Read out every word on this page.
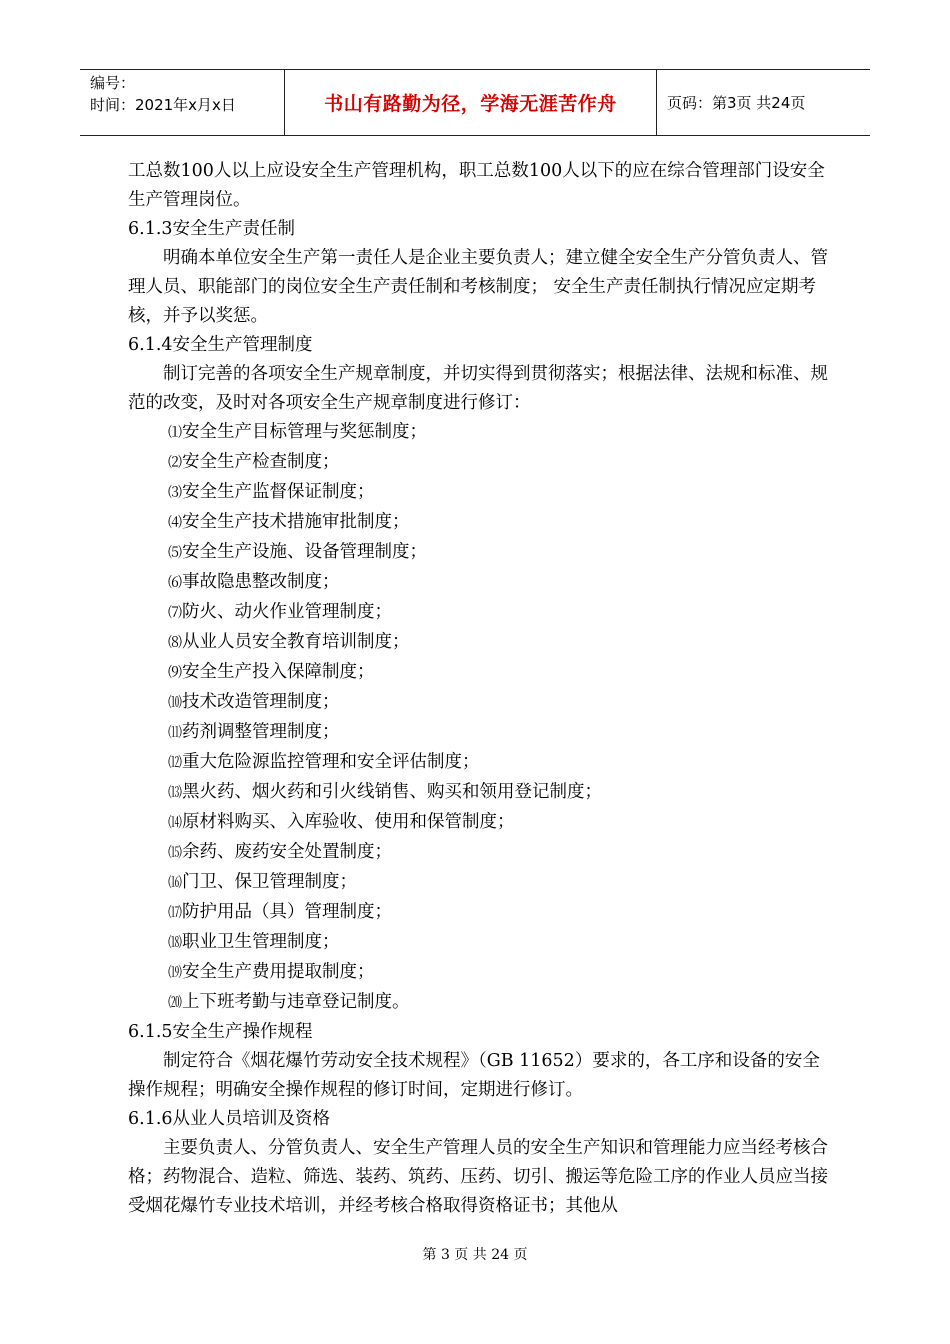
编号：
时间：2021年x月x日	书山有路勤为径，学海无涯苦作舟	页码：第3页 共24页

工总数100人以上应设安全生产管理机构，职工总数100人以下的应在综合管理部门设安全生产管理岗位。

6.1.3安全生产责任制

明确本单位安全生产第一责任人是企业主要负责人；建立健全安全生产分管负责人、管理人员、职能部门的岗位安全生产责任制和考核制度； 安全生产责任制执行情况应定期考核，并予以奖惩。

6.1.4安全生产管理制度

制订完善的各项安全生产规章制度，并切实得到贯彻落实；根据法律、法规和标准、规范的改变，及时对各项安全生产规章制度进行修订：

⑴安全生产目标管理与奖惩制度；

⑵安全生产检查制度；

⑶安全生产监督保证制度；

⑷安全生产技术措施审批制度；

⑸安全生产设施、设备管理制度；

⑹事故隐患整改制度；

⑺防火、动火作业管理制度；

⑻从业人员安全教育培训制度；

⑼安全生产投入保障制度；

⑽技术改造管理制度；

⑾药剂调整管理制度；

⑿重大危险源监控管理和安全评估制度；

⒀黑火药、烟火药和引火线销售、购买和领用登记制度；

⒁原材料购买、入库验收、使用和保管制度；

⒂余药、废药安全处置制度；

⒃门卫、保卫管理制度；

⒄防护用品（具）管理制度；

⒅职业卫生管理制度；

⒆安全生产费用提取制度；

⒇上下班考勤与违章登记制度。

6.1.5安全生产操作规程

制定符合《烟花爆竹劳动安全技术规程》（GB 11652）要求的，各工序和设备的安全操作规程；明确安全操作规程的修订时间，定期进行修订。

6.1.6从业人员培训及资格

主要负责人、分管负责人、安全生产管理人员的安全生产知识和管理能力应当经考核合格；药物混合、造粒、筛选、装药、筑药、压药、切引、搬运等危险工序的作业人员应当接受烟花爆竹专业技术培训，并经考核合格取得资格证书；其他从

第 3 页 共 24 页
